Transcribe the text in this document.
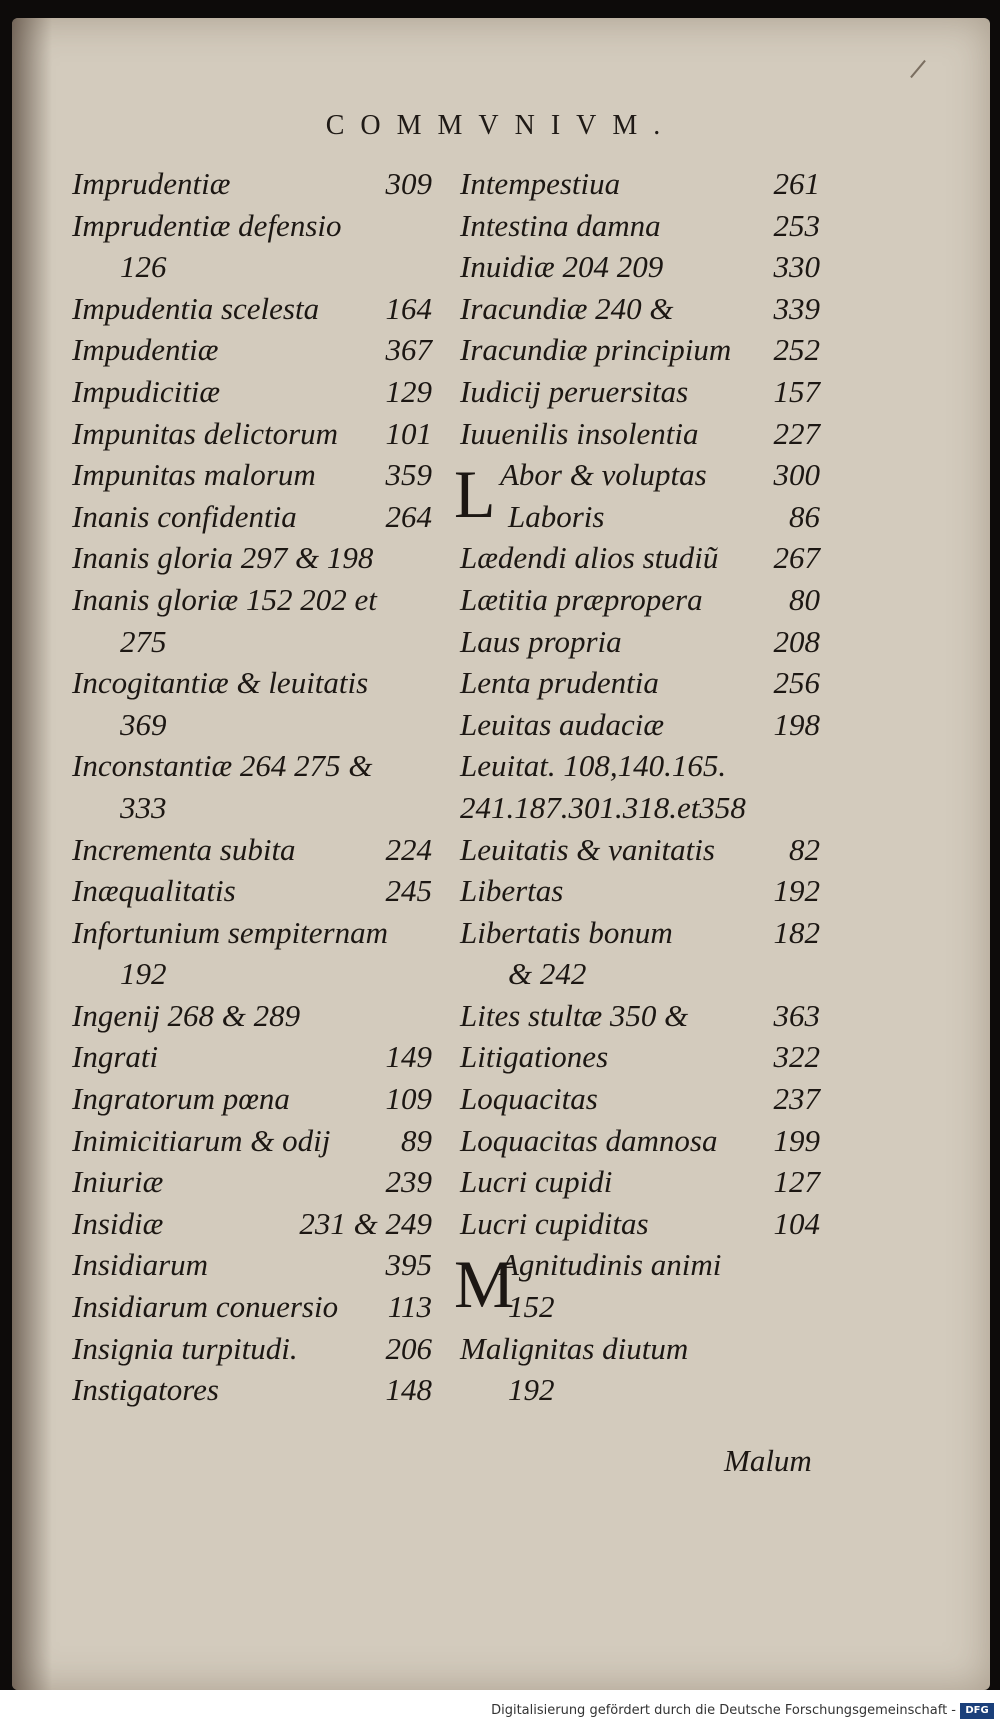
COMMVNIVM.
Imprudentiæ	309
Imprudentiæ defensio
126
Impudentia scelesta 164
Impudentiæ	367
Impudicitiæ	129
Impunitas delictorum 101
Impunitas malorum 359
Inanis confidentia	264
Inanis gloria 297 & 198
Inanis gloriæ 152 202 et
275
Incogitantiæ & leuitatis
369
Inconstantiæ 264 275 &
333
Incrementa subita	224
Inæqualitatis	245
Infortunium sempiternam
192
Ingenij 268 & 289
Ingrati	149
Ingratorum pœna	109
Inimicitiarum & odij 89
Iniuriæ	239
Insidiæ	231 & 249
Insidiarum	395
Insidiarum conuersio 113
Insignia turpitudi.	206
Instigatores	148
Intempestiua	261
Intestina damna	253
Inuidiæ 204 209	330
Iracundiæ 240 &	339
Iracundiæ principium 252
Iudicij peruersitas	157
Iuuenilis insolentia 227
L Abor & voluptas 300
Laboris	86
Lædendi alios studiũ 267
Lætitia præpropera	80
Laus propria	208
Lenta prudentia	256
Leuitas audaciæ	198
Leuitat. 108,140.165.
241.187.301.318.et358
Leuitatis & vanitatis 82
Libertas	192
Libertatis bonum	182
& 242
Lites stultæ 350 &	363
Litigationes	322
Loquacitas	237
Loquacitas damnosa 199
Lucri cupidi	127
Lucri cupiditas	104
M
Agnitudinis animi
152
Malignitas diutum
192
Malum
Digitalisierung gefördert durch die Deutsche Forschungsgemeinschaft - DFG
